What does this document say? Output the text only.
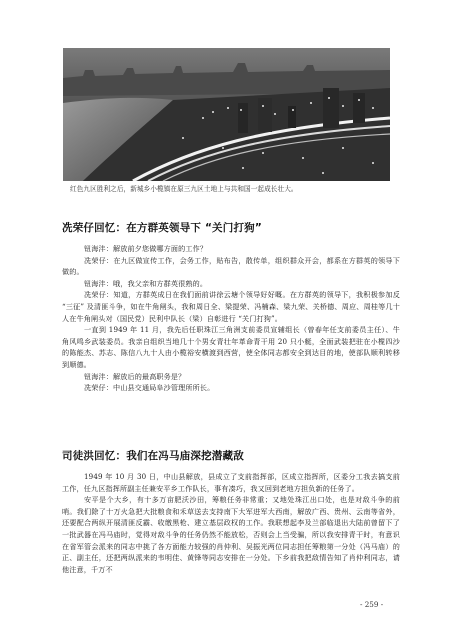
红色九区胜利之后，新城乡小榄镇在原三九区土地上与共和国一起成长壮大。
冼荣仔回忆：在方群英领导下 “关门打狗”

钮海沣：解放前夕您做哪方面的工作？

冼荣仔：在九区做宣传工作，会务工作，贴布告，散传单，组织群众开会，都系在方群英的领导下做的。

钮海沣：哦，我父亲和方群英很熟的。

冼荣仔：知道，方群英成日在我们面前讲徐云塘个领导好好嘅。在方群英的领导下，我积极参加反 “三征” 及清匪斗争，如在牛角闸头，我和周日全、梁提荣、冯楠森、梁九荣、关桥德、周应、周桂等几十人在牛角闸头对（国民党）民利中队长（梁）自彰进行 “关门打狗”。

一直到 1949 年 11 月，我先后任职珠江三角洲支前委员宣辅组长（曾春年任支前委员主任）、牛角风鸣乡武装委员。我亲自组织当地几十个男女青壮年革命青干用 20 只小艇，全面武装把驻在小榄四沙的陈能杰、苏志、陈信八九十人由小榄裕安横渡到西营，使全体同志都安全到达目的地，使部队顺利转移到顺德。

钮海沣：解放后的最高职务是？

冼荣仔：中山县交通局阜沙管理所所长。

司徒洪回忆：我们在冯马庙深挖潜藏敌

1949 年 10 月 30 日，中山县解放，县成立了支前指挥部，区成立指挥所，区委分工我去搞支前工作，任九区指挥所副主任兼安平乡工作队长，事有凑巧，我又回到老地方担负新的任务了。

安平是个大乡，有十多万亩肥沃沙田，筹粮任务非常重；又地处珠江出口处，也是对敌斗争的前哨。我们除了十万火急把大批粮食和禾草送去支持南下大军进军大西南，解放广西、贵州、云南等省外，还要配合两纵开展清匪反霸、收缴黑枪、建立基层政权的工作。我联想起李及兰部临退出大陆前曾留下了一批武器在冯马庙时，觉得对敌斗争的任务仍然不能放松，否则会上当受骗，所以我安排青干时，有意识在省军管会派来的同志中挑了各方面能力较强的肖仲利、吴振光两位同志担任筹粮第一分处（冯马庙）的正、副主任，还把两纵派来的韦明佳、黄锋等同志安排在一分处。下乡前我把敌情告知了肖仲利同志，请他注意，千万不

- 259 -
